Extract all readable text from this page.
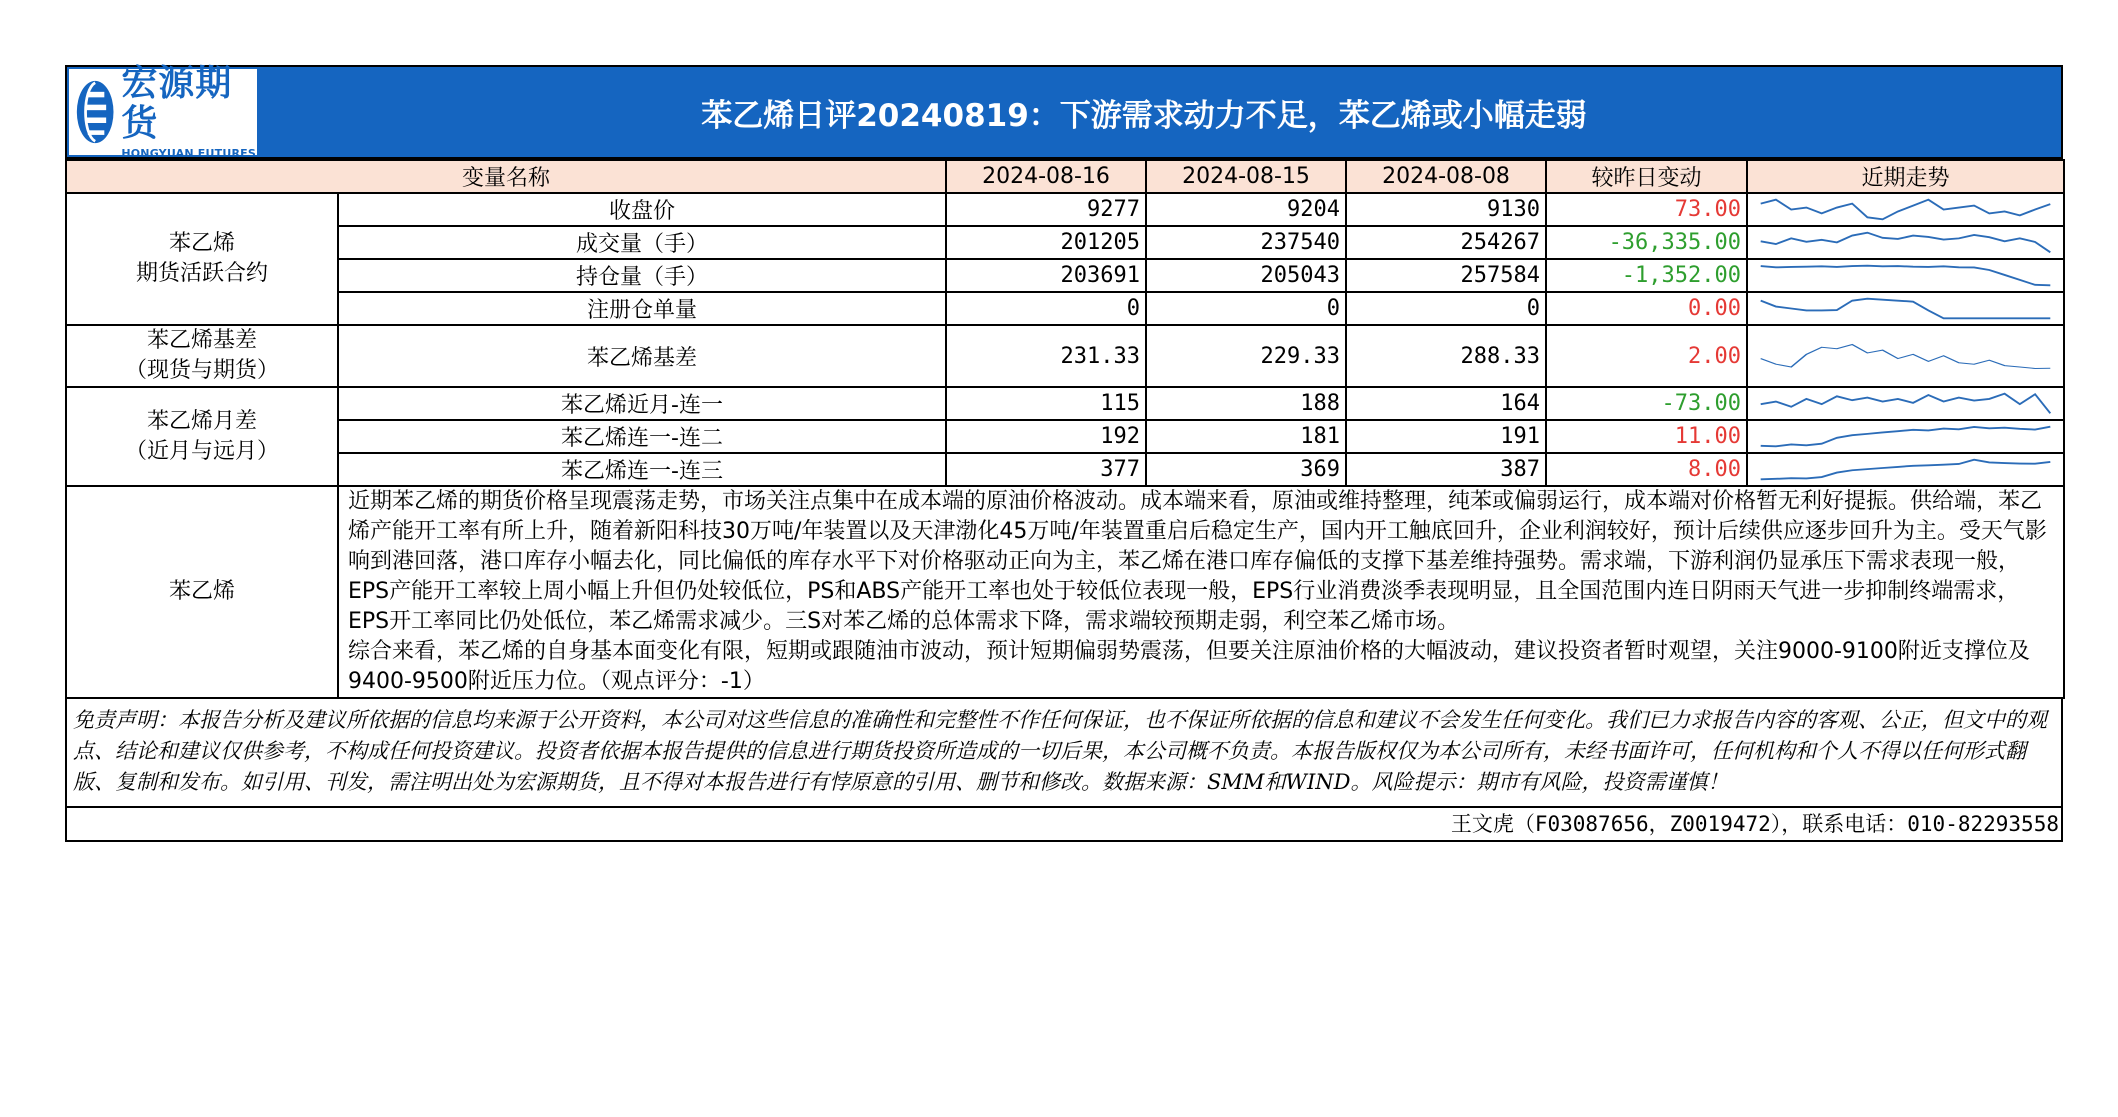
宏源期货
HONGYUAN FUTURES
苯乙烯日评20240819：下游需求动力不足，苯乙烯或小幅走弱
变量名称		2024-08-16	2024-08-15	2024-08-08	较昨日变动	近期走势

苯乙烯
期货活跃合约	收盘价	9277	9204	9130	73.00	

	成交量（手）	201205	237540	254267	-36,335.00	

	持仓量（手）	203691	205043	257584	-1,352.00	

	注册仓单量	0	0	0	0.00	

苯乙烯基差
（现货与期货）	苯乙烯基差	231.33	229.33	288.33	2.00	

苯乙烯月差
（近月与远月）	苯乙烯近月-连一	115	188	164	-73.00	

	苯乙烯连一-连二	192	181	191	11.00	

	苯乙烯连一-连三	377	369	387	8.00	

苯乙烯	近期苯乙烯的期货价格呈现震荡走势，市场关注点集中在成本端的原油价格波动。成本端来看，原油或维持整理，纯苯或偏弱运行，成本端对价格暂无利好提振。供给端，苯乙烯产能开工率有所上升，随着新阳科技30万吨/年装置以及天津渤化45万吨/年装置重启后稳定生产，国内开工触底回升，企业利润较好，预计后续供应逐步回升为主。受天气影响到港回落，港口库存小幅去化，同比偏低的库存水平下对价格驱动正向为主，苯乙烯在港口库存偏低的支撑下基差维持强势。需求端，下游利润仍显承压下需求表现一般，EPS产能开工率较上周小幅上升但仍处较低位，PS和ABS产能开工率也处于较低位表现一般，EPS行业消费淡季表现明显，且全国范围内连日阴雨天气进一步抑制终端需求，EPS开工率同比仍处低位，苯乙烯需求减少。三S对苯乙烯的总体需求下降，需求端较预期走弱，利空苯乙烯市场。

综合来看，苯乙烯的自身基本面变化有限，短期或跟随油市波动，预计短期偏弱势震荡，但要关注原油价格的大幅波动，建议投资者暂时观望，关注9000-9100附近支撑位及9400-9500附近压力位。（观点评分：-1）					

免责声明：本报告分析及建议所依据的信息均来源于公开资料，本公司对这些信息的准确性和完整性不作任何保证，也不保证所依据的信息和建议不会发生任何变化。我们已力求报告内容的客观、公正，但文中的观点、结论和建议仅供参考，不构成任何投资建议。投资者依据本报告提供的信息进行期货投资所造成的一切后果，本公司概不负责。本报告版权仅为本公司所有，未经书面许可，任何机构和个人不得以任何形式翻版、复制和发布。如引用、刊发，需注明出处为宏源期货，且不得对本报告进行有悖原意的引用、删节和修改。数据来源：SMM和WIND。风险提示：期市有风险，投资需谨慎！
王文虎（F03087656，Z0019472），联系电话：010-82293558
